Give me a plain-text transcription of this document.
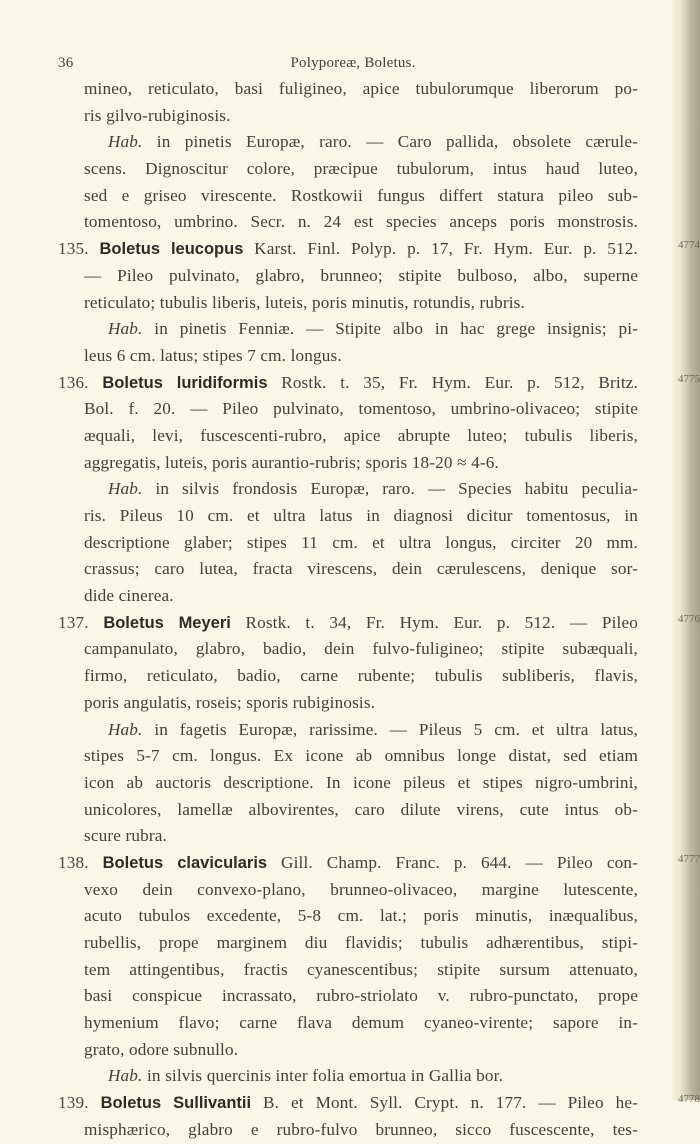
36	Polyporeæ, Boletus.
mineo, reticulato, basi fuligineo, apice tubulorumque liberorum po-
ris gilvo-rubiginosis.
Hab. in pinetis Europæ, raro. — Caro pallida, obsolete cærule-
scens. Dignoscitur colore, præcipue tubulorum, intus haud luteo,
sed e griseo virescente. Rostkowii fungus differt statura pileo sub-
tomentoso, umbrino. Secr. n. 24 est species anceps poris monstrosis.
135. Boletus leucopus Karst. Finl. Polyp. p. 17, Fr. Hym. Eur. p. 512.	4774
— Pileo pulvinato, glabro, brunneo; stipite bulboso, albo, superne
reticulato; tubulis liberis, luteis, poris minutis, rotundis, rubris.
Hab. in pinetis Fenniæ. — Stipite albo in hac grege insignis; pi-
leus 6 cm. latus; stipes 7 cm. longus.
136. Boletus luridiformis Rostk. t. 35, Fr. Hym. Eur. p. 512, Britz.	4775
Bol. f. 20. — Pileo pulvinato, tomentoso, umbrino-olivaceo; stipite
æquali, levi, fuscescenti-rubro, apice abrupte luteo; tubulis liberis,
aggregatis, luteis, poris aurantio-rubris; sporis 18-20 ≈ 4-6.
Hab. in silvis frondosis Europæ, raro. — Species habitu peculia-
ris. Pileus 10 cm. et ultra latus in diagnosi dicitur tomentosus, in
descriptione glaber; stipes 11 cm. et ultra longus, circiter 20 mm.
crassus; caro lutea, fracta virescens, dein cærulescens, denique sor-
dide cinerea.
137. Boletus Meyeri Rostk. t. 34, Fr. Hym. Eur. p. 512. — Pileo	4776
campanulato, glabro, badio, dein fulvo-fuligineo; stipite subæquali,
firmo, reticulato, badio, carne rubente; tubulis subliberis, flavis,
poris angulatis, roseis; sporis rubiginosis.
Hab. in fagetis Europæ, rarissime. — Pileus 5 cm. et ultra latus,
stipes 5-7 cm. longus. Ex icone ab omnibus longe distat, sed etiam
icon ab auctoris descriptione. In icone pileus et stipes nigro-umbrini,
unicolores, lamellæ albovirentes, caro dilute virens, cute intus ob-
scure rubra.
138. Boletus clavicularis Gill. Champ. Franc. p. 644. — Pileo con-	4777
vexo dein convexo-plano, brunneo-olivaceo, margine lutescente,
acuto tubulos excedente, 5-8 cm. lat.; poris minutis, inæqualibus,
rubellis, prope marginem diu flavidis; tubulis adhærentibus, stipi-
tem attingentibus, fractis cyanescentibus; stipite sursum attenuato,
basi conspicue incrassato, rubro-striolato v. rubro-punctato, prope
hymenium flavo; carne flava demum cyaneo-virente; sapore in-
grato, odore subnullo.
Hab. in silvis quercinis inter folia emortua in Gallia bor.
139. Boletus Sullivantii B. et Mont. Syll. Crypt. n. 177. — Pileo he-	4778
misphærico, glabro e rubro-fulvo brunneo, sicco fuscescente, tes-
